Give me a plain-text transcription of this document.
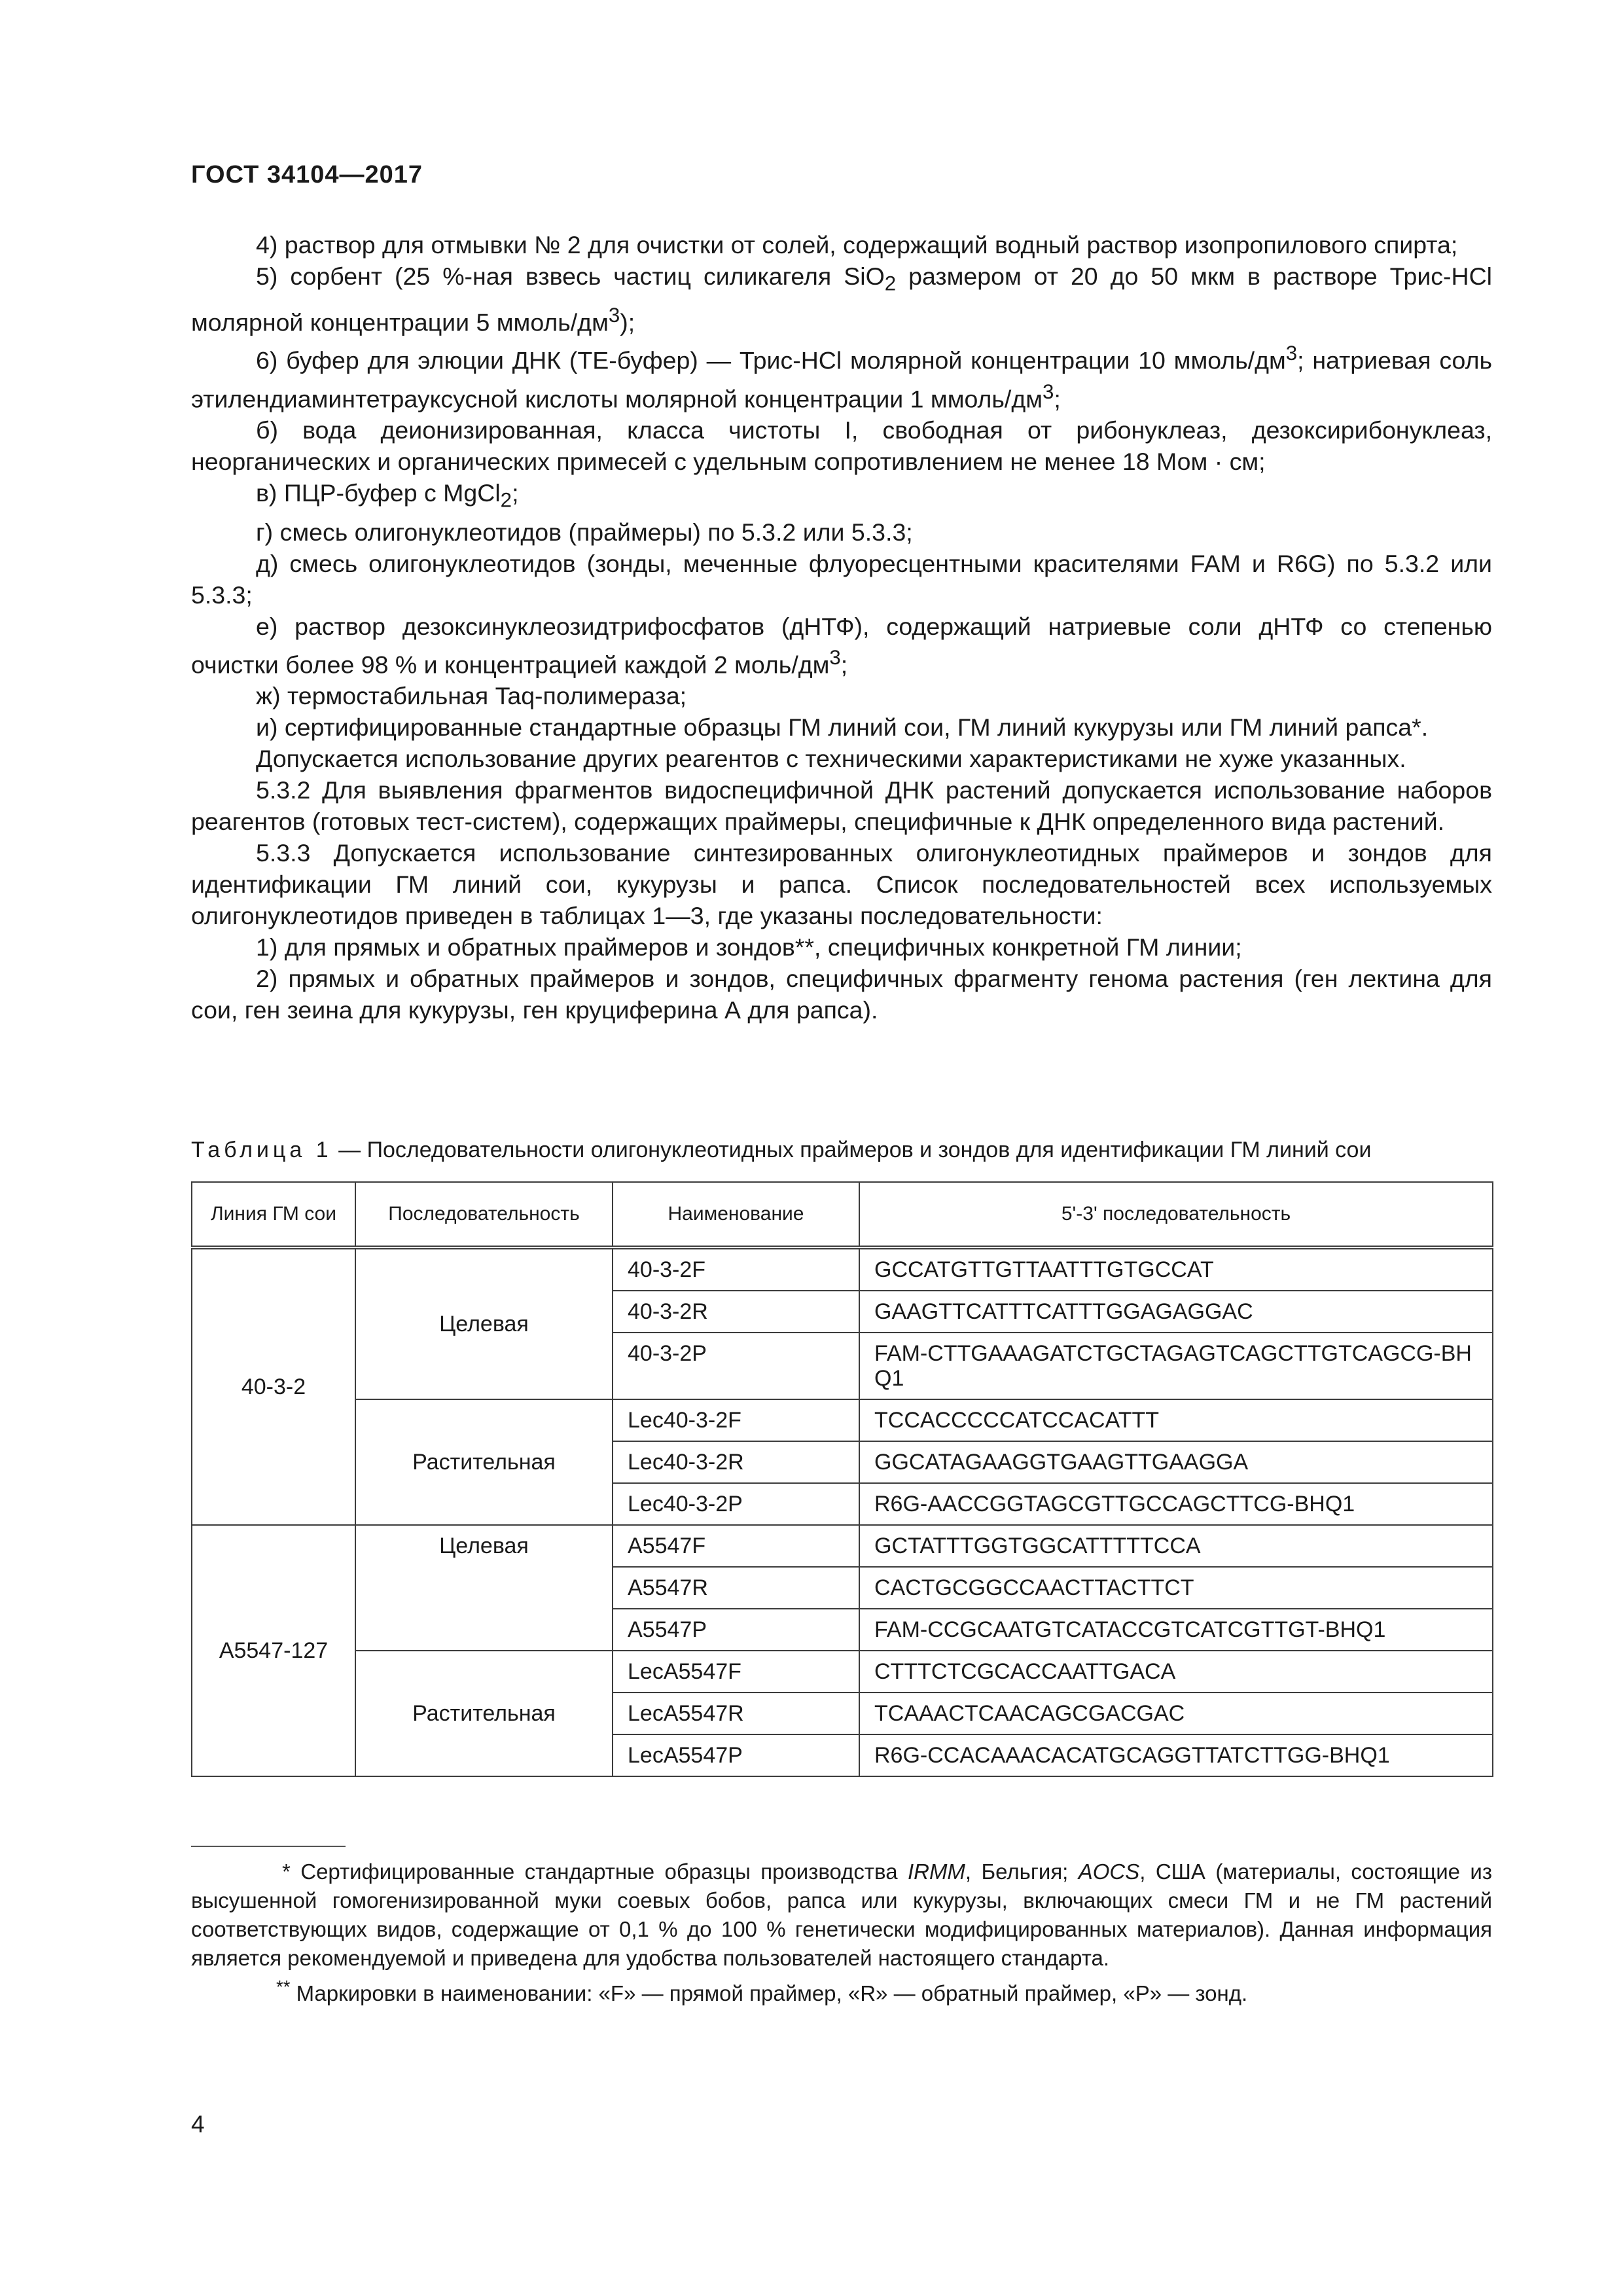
ГОСТ 34104—2017

4) раствор для отмывки № 2 для очистки от солей, содержащий водный раствор изопропилового спирта;

5) сорбент (25 %-ная взвесь частиц силикагеля SiO$_2$ размером от 20 до 50 мкм в растворе Трис-HCl молярной концентрации 5 ммоль/$дм^3$);

6) буфер для элюции ДНК (ТЕ-буфер) — Трис-HCl молярной концентрации 10 ммоль/$дм^3$; натриевая соль этилендиаминтетрауксусной кислоты молярной концентрации 1 ммоль/$дм^3$;

б) вода деионизированная, класса чистоты I, свободная от рибонуклеаз, дезоксирибонуклеаз, неорганических и органических примесей с удельным сопротивлением не менее 18 Мом · см;

в) ПЦР-буфер с MgCl$_2$;

г) смесь олигонуклеотидов (праймеры) по 5.3.2 или 5.3.3;

д) смесь олигонуклеотидов (зонды, меченные флуоресцентными красителями FAM и R6G) по 5.3.2 или 5.3.3;

е) раствор дезоксинуклеозидтрифосфатов (дНТФ), содержащий натриевые соли дНТФ со степенью очистки более 98 % и концентрацией каждой 2 моль/$дм^3$;

ж) термостабильная Taq-полимераза;

и) сертифицированные стандартные образцы ГМ линий сои, ГМ линий кукурузы или ГМ линий рапса*.

Допускается использование других реагентов с техническими характеристиками не хуже указанных.

5.3.2 Для выявления фрагментов видоспецифичной ДНК растений допускается использование наборов реагентов (готовых тест-систем), содержащих праймеры, специфичные к ДНК определенного вида растений.

5.3.3 Допускается использование синтезированных олигонуклеотидных праймеров и зондов для идентификации ГМ линий сои, кукурузы и рапса. Список последовательностей всех используемых олигонуклеотидов приведен в таблицах 1—3, где указаны последовательности:

1) для прямых и обратных праймеров и зондов**, специфичных конкретной ГМ линии;

2) прямых и обратных праймеров и зондов, специфичных фрагменту генома растения (ген лектина для сои, ген зеина для кукурузы, ген круциферина А для рапса).

Таблица 1 — Последовательности олигонуклеотидных праймеров и зондов для идентификации ГМ линий сои
Линия ГМ сои	Последовательность	Наименование	5'-3' последовательность
40-3-2	Целевая	40-3-2F	GCCATGTTGTTAATTTGTGCCAT
		40-3-2R	GAAGTTCATTTCATTTGGAGAGGAC
		40-3-2P	FAM-CTTGAAAGATCTGCTAGAGTCAGCTTGTCAGCG-BHQ1
	Растительная	Lec40-3-2F	TCCACCCCCATCCACATTT
		Lec40-3-2R	GGCATAGAAGGTGAAGTTGAAGGA
		Lec40-3-2P	R6G-AACCGGTAGCGTTGCCAGCTTCG-BHQ1
A5547-127	Целевая	A5547F	GCTATTTGGTGGCATTTTTCCA
		A5547R	CACTGCGGCCAACTTACTTCT
		A5547P	FAM-CCGCAATGTCATACCGTCATCGTTGT-BHQ1
	Растительная	LecA5547F	CTTTCTCGCACCAATTGACA
		LecA5547R	TCAAACTCAACAGCGACGAC
		LecA5547P	R6G-CCACAAACACATGCAGGTTATCTTGG-BHQ1

* Сертифицированные стандартные образцы производства IRMM, Бельгия; AOCS, США (материалы, состоящие из высушенной гомогенизированной муки соевых бобов, рапса или кукурузы, включающих смеси ГМ и не ГМ растений соответствующих видов, содержащие от 0,1 % до 100 % генетически модифицированных материалов). Данная информация является рекомендуемой и приведена для удобства пользователей настоящего стандарта.

** Маркировки в наименовании: «F» — прямой праймер, «R» — обратный праймер, «P» — зонд.

4
